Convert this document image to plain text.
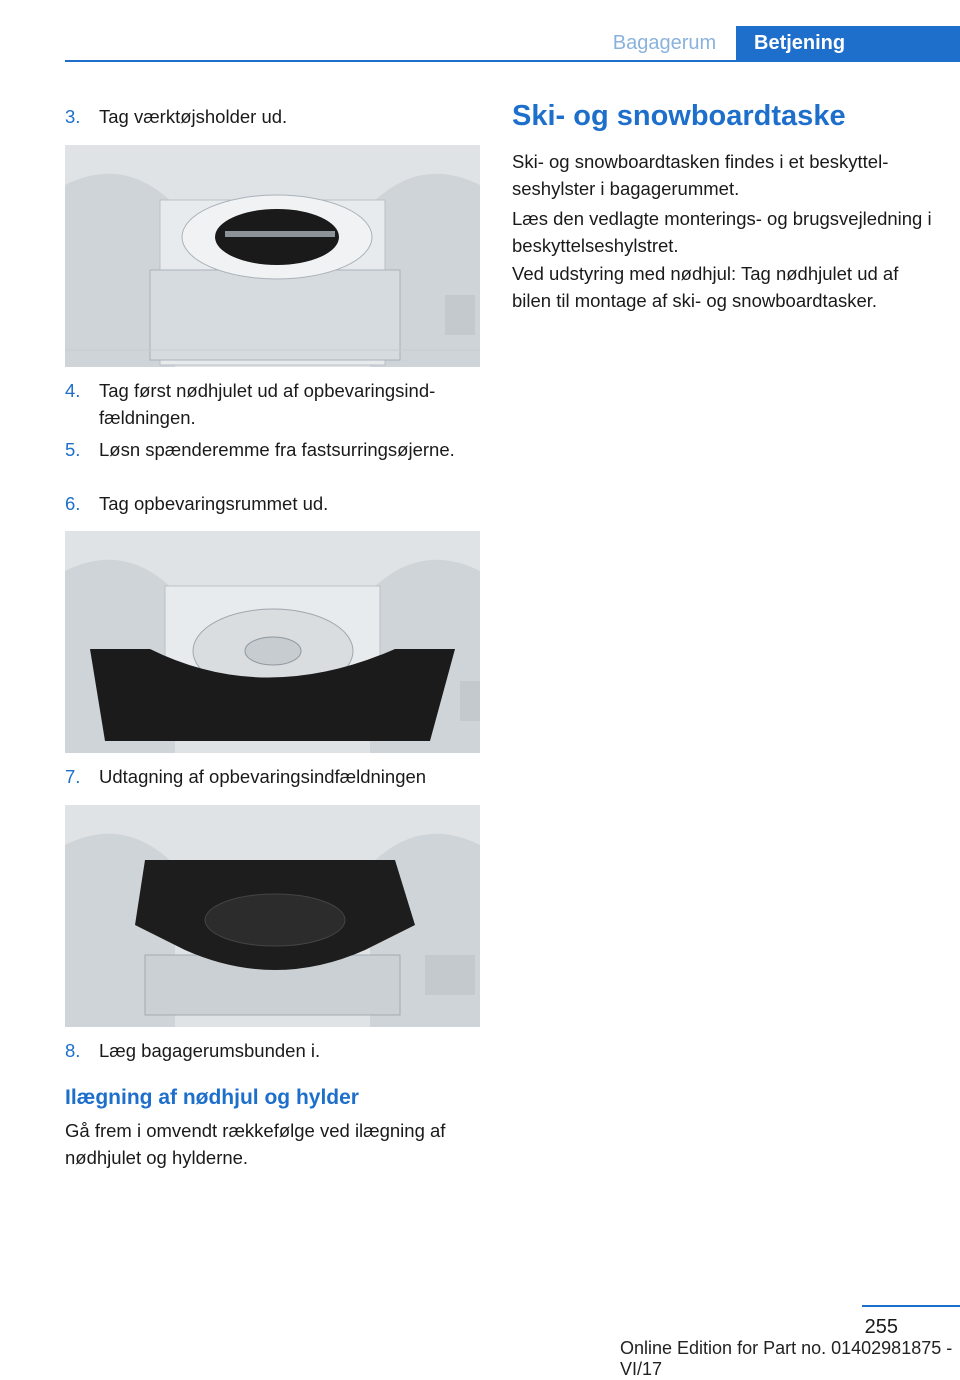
Bagagerum	Betjening
3. Tag værktøjsholder ud.
4. Tag først nødhjulet ud af opbevaringsindfældningen.
5. Løsn spænderemme fra fastsurringsøjerne.
6. Tag opbevaringsrummet ud.
7. Udtagning af opbevaringsindfældningen
8. Læg bagagerumsbunden i.
Ilægning af nødhjul og hylder
Gå frem i omvendt rækkefølge ved ilægning af nødhjulet og hylderne.
Ski- og snowboardtaske
Ski- og snowboardtasken findes i et beskyttelseshylster i bagagerummet.
Læs den vedlagte monterings- og brugsvejledning i beskyttelseshylstret.
Ved udstyring med nødhjul: Tag nødhjulet ud af bilen til montage af ski- og snowboardtasker.
255
Online Edition for Part no. 01402981875 - VI/17
